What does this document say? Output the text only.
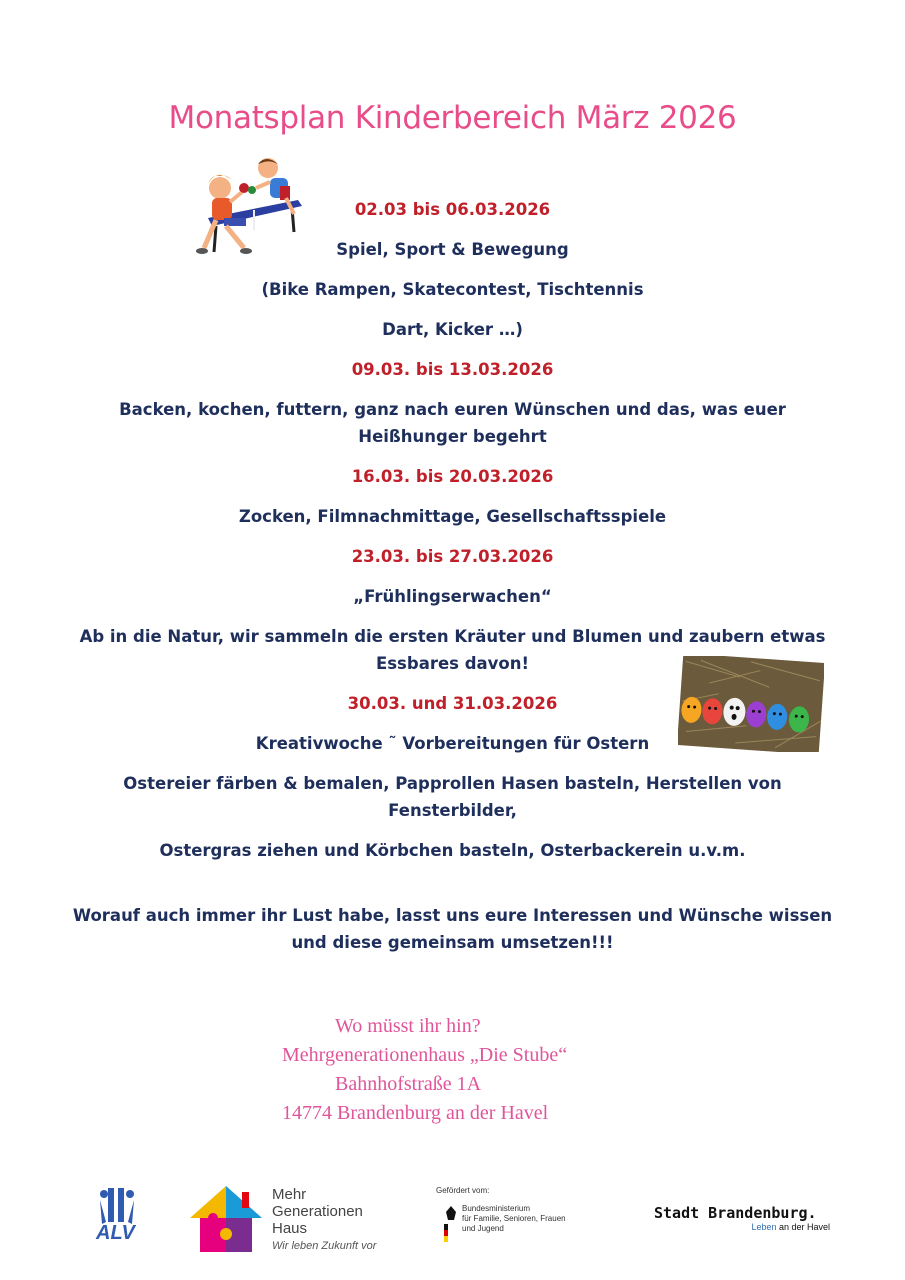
Monatsplan Kinderbereich März 2026
02.03 bis 06.03.2026
Spiel, Sport & Bewegung
(Bike Rampen, Skatecontest, Tischtennis
Dart, Kicker …)
09.03. bis 13.03.2026
Backen, kochen, futtern, ganz nach euren Wünschen und das, was euer Heißhunger begehrt
16.03. bis 20.03.2026
Zocken, Filmnachmittage, Gesellschaftsspiele
23.03. bis 27.03.2026
„Frühlingserwachen“
Ab in die Natur, wir sammeln die ersten Kräuter und Blumen und zaubern etwas Essbares davon!
30.03. und 31.03.2026
Kreativwoche ˜ Vorbereitungen für Ostern
Ostereier färben & bemalen, Papprollen Hasen basteln, Herstellen von Fensterbilder,
Ostergras ziehen und Körbchen basteln, Osterbackerein u.v.m.
Worauf auch immer ihr Lust habe, lasst uns eure Interessen und Wünsche wissen und diese gemeinsam umsetzen!!!
Wo müsst ihr hin?
Mehrgenerationenhaus „Die Stube“
Bahnhofstraße 1A
14774 Brandenburg an der Havel
ALV
Mehr
Generationen
Haus
Wir leben Zukunft vor
Gefördert vom:
Bundesministerium
für Familie, Senioren, Frauen
und Jugend
Stadt Brandenburg.
Leben an der Havel
